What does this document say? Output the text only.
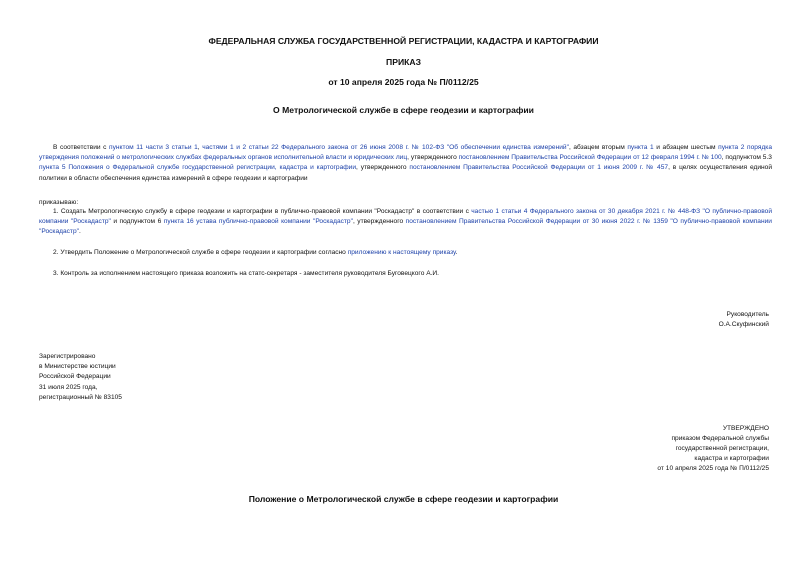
ФЕДЕРАЛЬНАЯ СЛУЖБА ГОСУДАРСТВЕННОЙ РЕГИСТРАЦИИ, КАДАСТРА И КАРТОГРАФИИ
ПРИКАЗ
от 10 апреля 2025 года № П/0112/25
О Метрологической службе в сфере геодезии и картографии
В соответствии с пунктом 11 части 3 статьи 1, частями 1 и 2 статьи 22 Федерального закона от 26 июня 2008 г. № 102-ФЗ "Об обеспечении единства измерений", абзацем вторым пункта 1 и абзацем шестым пункта 2 порядка утверждения положений о метрологических службах федеральных органов исполнительной власти и юридических лиц, утвержденного постановлением Правительства Российской Федерации от 12 февраля 1994 г. № 100, подпунктом 5.3 пункта 5 Положения о Федеральной службе государственной регистрации, кадастра и картографии, утвержденного постановлением Правительства Российской Федерации от 1 июня 2009 г. № 457, в целях осуществления единой политики в области обеспечения единства измерений в сфере геодезии и картографии
приказываю:
1. Создать Метрологическую службу в сфере геодезии и картографии в публично-правовой компании "Роскадастр" в соответствии с частью 1 статьи 4 Федерального закона от 30 декабря 2021 г. № 448-ФЗ "О публично-правовой компании "Роскадастр" и подпунктом 6 пункта 16 устава публично-правовой компании "Роскадастр", утвержденного постановлением Правительства Российской Федерации от 30 июня 2022 г. № 1359 "О публично-правовой компании "Роскадастр".
2. Утвердить Положение о Метрологической службе в сфере геодезии и картографии согласно приложению к настоящему приказу.
3. Контроль за исполнением настоящего приказа возложить на статс-секретаря - заместителя руководителя Буговецкого А.И.
Руководитель
О.А.Скуфинский
Зарегистрировано
в Министерстве юстиции
Российской Федерации
31 июля 2025 года,
регистрационный № 83105
УТВЕРЖДЕНО
приказом Федеральной службы
государственной регистрации,
кадастра и картографии
от 10 апреля 2025 года № П/0112/25
Положение о Метрологической службе в сфере геодезии и картографии
